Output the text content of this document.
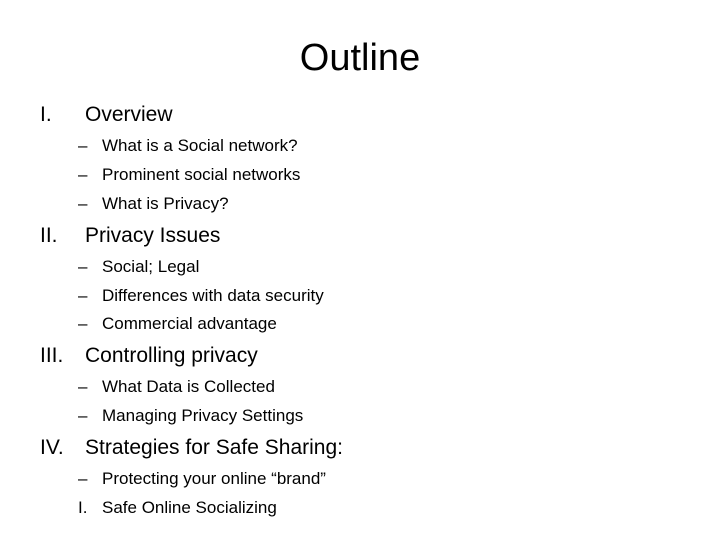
Outline
I. Overview
– What is a Social network?
– Prominent social networks
– What is Privacy?
II. Privacy Issues
– Social; Legal
– Differences with data security
– Commercial advantage
III. Controlling privacy
– What Data is Collected
– Managing Privacy Settings
IV. Strategies for Safe Sharing:
– Protecting your online “brand”
I. Safe Online Socializing
